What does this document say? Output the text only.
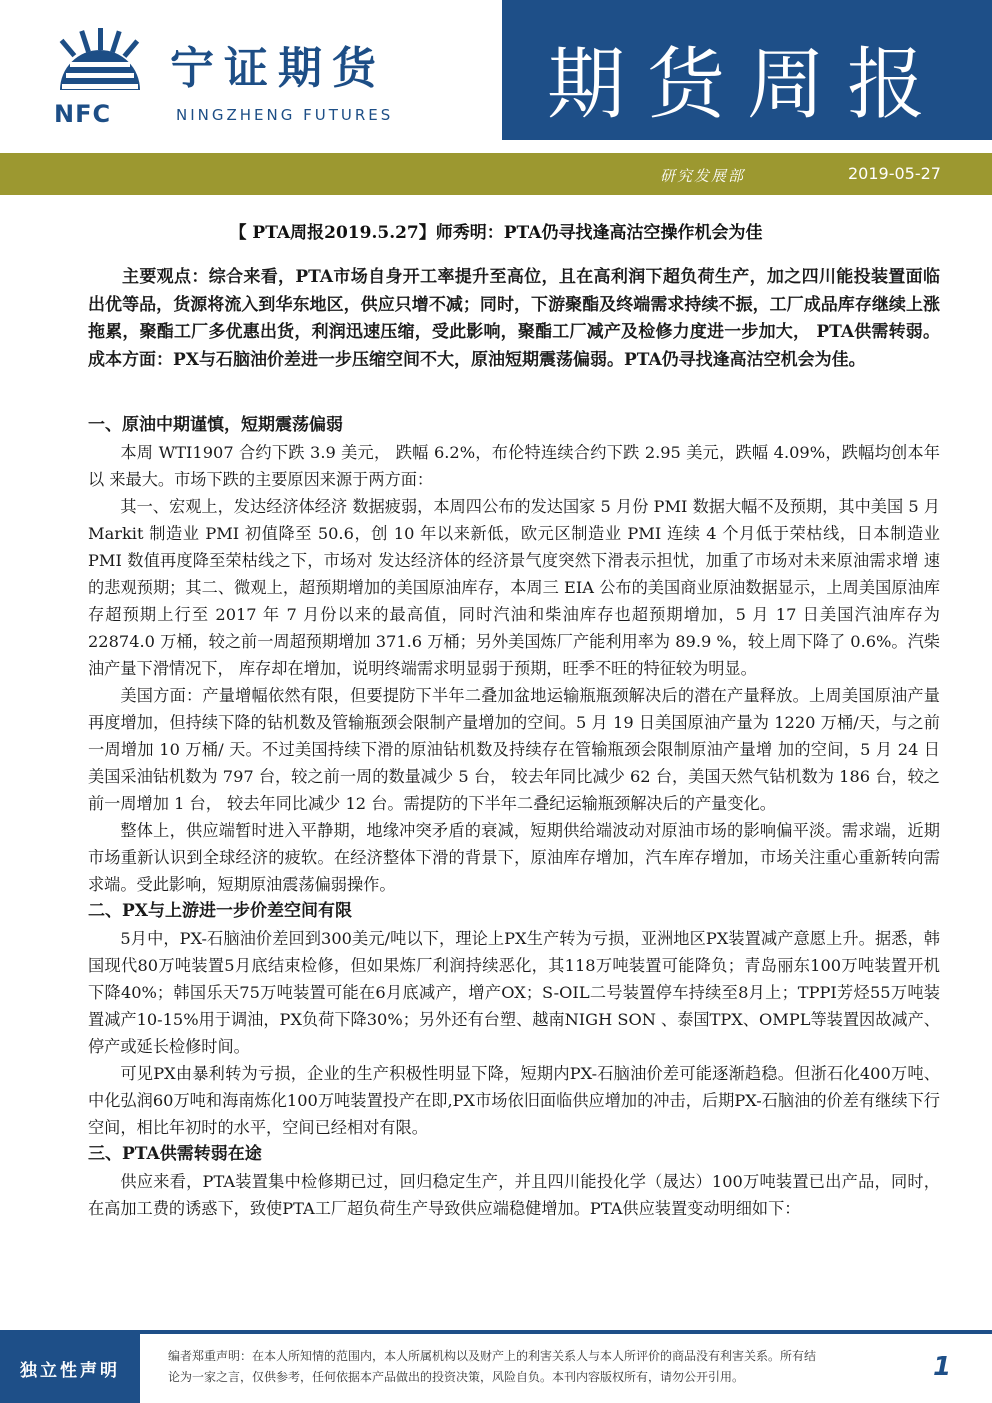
宁证期货
NFC	NINGZHENG FUTURES	期货周报
研究发展部	2019-05-27
【 PTA周报2019.5.27】师秀明：PTA仍寻找逢高沽空操作机会为佳

主要观点：综合来看，PTA市场自身开工率提升至高位，且在高利润下超负荷生产，加之四川能投装置面临出优等品，货源将流入到华东地区，供应只增不减；同时，下游聚酯及终端需求持续不振，工厂成品库存继续上涨拖累，聚酯工厂多优惠出货，利润迅速压缩，受此影响，聚酯工厂减产及检修力度进一步加大， PTA供需转弱。成本方面：PX与石脑油价差进一步压缩空间不大，原油短期震荡偏弱。PTA仍寻找逢高沽空机会为佳。

一、原油中期谨慎，短期震荡偏弱

本周 WTI1907 合约下跌 3.9 美元， 跌幅 6.2%，布伦特连续合约下跌 2.95 美元，跌幅 4.09%，跌幅均创本年以 来最大。市场下跌的主要原因来源于两方面：

其一、宏观上，发达经济体经济 数据疲弱，本周四公布的发达国家 5 月份 PMI 数据大幅不及预期，其中美国 5 月 Markit 制造业 PMI 初值降至 50.6，创 10 年以来新低，欧元区制造业 PMI 连续 4 个月低于荣枯线，日本制造业 PMI 数值再度降至荣枯线之下，市场对 发达经济体的经济景气度突然下滑表示担忧，加重了市场对未来原油需求增 速的悲观预期；其二、微观上，超预期增加的美国原油库存，本周三 EIA 公布的美国商业原油数据显示，上周美国原油库存超预期上行至 2017 年 7 月份以来的最高值，同时汽油和柴油库存也超预期增加，5 月 17 日美国汽油库存为 22874.0 万桶，较之前一周超预期增加 371.6 万桶；另外美国炼厂产能利用率为 89.9 %，较上周下降了 0.6%。汽柴油产量下滑情况下， 库存却在增加，说明终端需求明显弱于预期，旺季不旺的特征较为明显。

美国方面：产量增幅依然有限，但要提防下半年二叠加盆地运输瓶瓶颈解决后的潜在产量释放。上周美国原油产量再度增加，但持续下降的钻机数及管输瓶颈会限制产量增加的空间。5 月 19 日美国原油产量为 1220 万桶/天，与之前一周增加 10 万桶/ 天。不过美国持续下滑的原油钻机数及持续存在管输瓶颈会限制原油产量增 加的空间，5 月 24 日美国采油钻机数为 797 台，较之前一周的数量减少 5 台， 较去年同比减少 62 台，美国天然气钻机数为 186 台，较之前一周增加 1 台， 较去年同比减少 12 台。需提防的下半年二叠纪运输瓶颈解决后的产量变化。

整体上，供应端暂时进入平静期，地缘冲突矛盾的衰减，短期供给端波动对原油市场的影响偏平淡。需求端，近期市场重新认识到全球经济的疲软。在经济整体下滑的背景下，原油库存增加，汽车库存增加，市场关注重心重新转向需求端。受此影响，短期原油震荡偏弱操作。

二、PX与上游进一步价差空间有限

5月中，PX-石脑油价差回到300美元/吨以下，理论上PX生产转为亏损，亚洲地区PX装置减产意愿上升。据悉，韩国现代80万吨装置5月底结束检修，但如果炼厂利润持续恶化，其118万吨装置可能降负；青岛丽东100万吨装置开机下降40%；韩国乐天75万吨装置可能在6月底减产，增产OX；S-OIL二号装置停车持续至8月上；TPPI芳烃55万吨装置减产10-15%用于调油，PX负荷下降30%；另外还有台塑、越南NIGH SON 、泰国TPX、OMPL等装置因故减产、停产或延长检修时间。

可见PX由暴利转为亏损，企业的生产积极性明显下降，短期内PX-石脑油价差可能逐渐趋稳。但浙石化400万吨、中化弘润60万吨和海南炼化100万吨装置投产在即,PX市场依旧面临供应增加的冲击，后期PX-石脑油的价差有继续下行空间，相比年初时的水平，空间已经相对有限。

三、PTA供需转弱在途

供应来看，PTA装置集中检修期已过，回归稳定生产，并且四川能投化学（晟达）100万吨装置已出产品，同时，在高加工费的诱惑下，致使PTA工厂超负荷生产导致供应端稳健增加。PTA供应装置变动明细如下：

独立性声明
编者郑重声明：在本人所知情的范围内，本人所属机构以及财产上的利害关系人与本人所评价的商品没有利害关系。所有结
论为一家之言，仅供参考，任何依据本产品做出的投资决策，风险自负。本刊内容版权所有，请勿公开引用。	1
